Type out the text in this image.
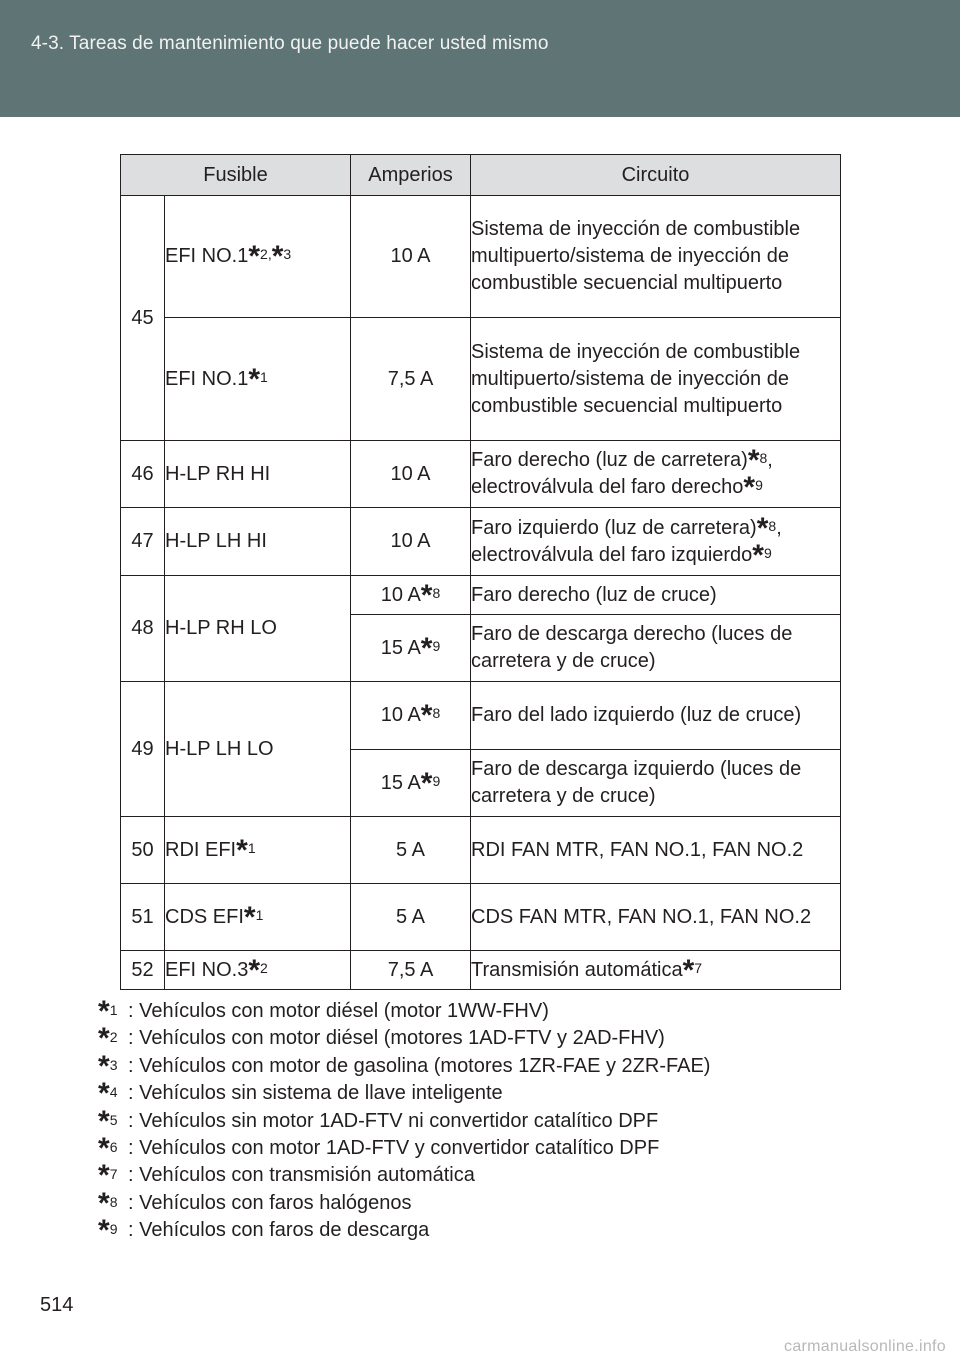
4-3. Tareas de mantenimiento que puede hacer usted mismo
Fusible		Amperios	Circuito
45	EFI NO.1*$^{2,}$*$^3$	10 A	Sistema de inyección de combustible multipuerto/sistema de inyección de combustible secuencial multipuerto
	EFI NO.1*$^1$	7,5 A	Sistema de inyección de combustible multipuerto/sistema de inyección de combustible secuencial multipuerto
46	H-LP RH HI	10 A	Faro derecho (luz de carretera)*$^8$, electroválvula del faro derecho*$^9$
47	H-LP LH HI	10 A	Faro izquierdo (luz de carretera)*$^8$, electroválvula del faro izquierdo*$^9$
48	H-LP RH LO	10 A*$^8$	Faro derecho (luz de cruce)
		15 A*$^9$	Faro de descarga derecho (luces de carretera y de cruce)
49	H-LP LH LO	10 A*$^8$	Faro del lado izquierdo (luz de cruce)
		15 A*$^9$	Faro de descarga izquierdo (luces de carretera y de cruce)
50	RDI EFI*$^1$	5 A	RDI FAN MTR, FAN NO.1, FAN NO.2
51	CDS EFI*$^1$	5 A	CDS FAN MTR, FAN NO.1, FAN NO.2
52	EFI NO.3*$^2$	7,5 A	Transmisión automática*$^7$
*$^1$ : Vehículos con motor diésel (motor 1WW-FHV)
*$^2$ : Vehículos con motor diésel (motores 1AD-FTV y 2AD-FHV)
*$^3$ : Vehículos con motor de gasolina (motores 1ZR-FAE y 2ZR-FAE)
*$^4$ : Vehículos sin sistema de llave inteligente
*$^5$ : Vehículos sin motor 1AD-FTV ni convertidor catalítico DPF
*$^6$ : Vehículos con motor 1AD-FTV y convertidor catalítico DPF
*$^7$ : Vehículos con transmisión automática
*$^8$ : Vehículos con faros halógenos
*$^9$ : Vehículos con faros de descarga
514
carmanualsonline.info
